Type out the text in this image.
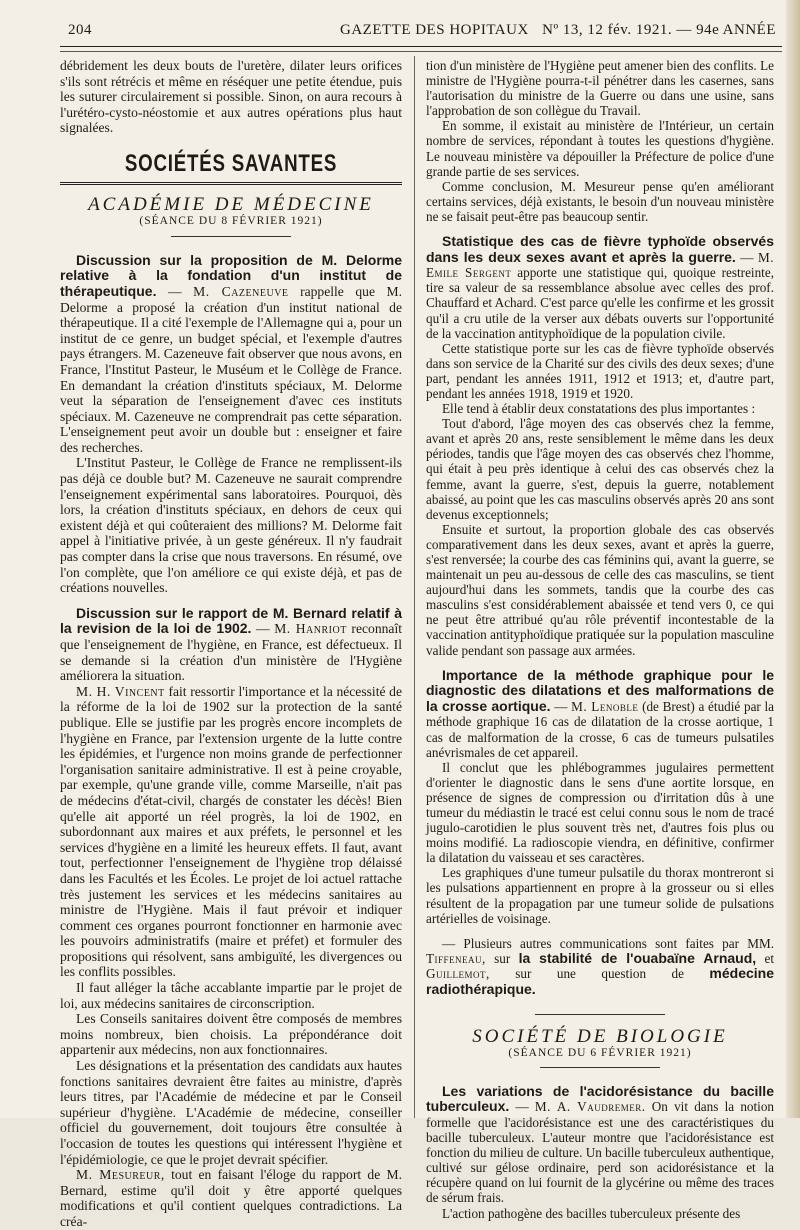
204	GAZETTE DES HOPITAUX Nº 13, 12 fév. 1921. — 94e ANNÉE

débridement les deux bouts de l'uretère, dilater leurs orifices s'ils sont rétrécis et même en réséquer une petite étendue, puis les suturer circulairement si possible. Sinon, on aura recours à l'urétéro-cysto-néostomie et aux autres opérations plus haut signalées.

SOCIÉTÉS SAVANTES
ACADÉMIE DE MÉDECINE
(SÉANCE DU 8 FÉVRIER 1921)

Discussion sur la proposition de M. Delorme relative à la fondation d'un institut de thérapeutique. — M. Cazeneuve rappelle que M. Delorme a proposé la création d'un institut national de thérapeutique. Il a cité l'exemple de l'Allemagne qui a, pour un institut de ce genre, un budget spécial, et l'exemple d'autres pays étrangers. M. Cazeneuve fait observer que nous avons, en France, l'Institut Pasteur, le Muséum et le Collège de France. En demandant la création d'instituts spéciaux, M. Delorme veut la séparation de l'enseignement d'avec ces instituts spéciaux. M. Cazeneuve ne comprendrait pas cette séparation. L'enseignement peut avoir un double but : enseigner et faire des recherches.

L'Institut Pasteur, le Collège de France ne remplissent-ils pas déjà ce double but? M. Cazeneuve ne saurait comprendre l'enseignement expérimental sans laboratoires. Pourquoi, dès lors, la création d'instituts spéciaux, en dehors de ceux qui existent déjà et qui coûteraient des millions? M. Delorme fait appel à l'initiative privée, à un geste généreux. Il n'y faudrait pas compter dans la crise que nous traversons. En résumé, ove l'on complète, que l'on améliore ce qui existe déjà, et pas de créations nouvelles.

Discussion sur le rapport de M. Bernard relatif à la revision de la loi de 1902. — M. Hanriot reconnaît que l'enseignement de l'hygiène, en France, est défectueux. Il se demande si la création d'un ministère de l'Hygiène améliorera la situation.

M. H. Vincent fait ressortir l'importance et la nécessité de la réforme de la loi de 1902 sur la protection de la santé publique. Elle se justifie par les progrès encore incomplets de l'hygiène en France, par l'extension urgente de la lutte contre les épidémies, et l'urgence non moins grande de perfectionner l'organisation sanitaire administrative. Il est à peine croyable, par exemple, qu'une grande ville, comme Marseille, n'ait pas de médecins d'état-civil, chargés de constater les décès! Bien qu'elle ait apporté un réel progrès, la loi de 1902, en subordonnant aux maires et aux préfets, le personnel et les services d'hygiène en a limité les heureux effets. Il faut, avant tout, perfectionner l'enseignement de l'hygiène trop délaissé dans les Facultés et les Écoles. Le projet de loi actuel rattache très justement les services et les médecins sanitaires au ministre de l'Hygiène. Mais il faut prévoir et indiquer comment ces organes pourront fonctionner en harmonie avec les pouvoirs administratifs (maire et préfet) et formuler des propositions qui résolvent, sans ambiguïté, les divergences ou les conflits possibles.

Il faut alléger la tâche accablante impartie par le projet de loi, aux médecins sanitaires de circonscription.

Les Conseils sanitaires doivent être composés de membres moins nombreux, bien choisis. La prépondérance doit appartenir aux médecins, non aux fonctionnaires.

Les désignations et la présentation des candidats aux hautes fonctions sanitaires devraient être faites au ministre, d'après leurs titres, par l'Académie de médecine et par le Conseil supérieur d'hygiène. L'Académie de médecine, conseiller officiel du gouvernement, doit toujours être consultée à l'occasion de toutes les questions qui intéressent l'hygiène et l'épidémiologie, ce que le projet devrait spécifier.

M. Mesureur, tout en faisant l'éloge du rapport de M. Bernard, estime qu'il doit y être apporté quelques modifications et qu'il contient quelques contradictions. La créa-

tion d'un ministère de l'Hygiène peut amener bien des conflits. Le ministre de l'Hygiène pourra-t-il pénétrer dans les casernes, sans l'autorisation du ministre de la Guerre ou dans une usine, sans l'approbation de son collègue du Travail.

En somme, il existait au ministère de l'Intérieur, un certain nombre de services, répondant à toutes les questions d'hygiène. Le nouveau ministère va dépouiller la Préfecture de police d'une grande partie de ses services.

Comme conclusion, M. Mesureur pense qu'en améliorant certains services, déjà existants, le besoin d'un nouveau ministère ne se faisait peut-être pas beaucoup sentir.

Statistique des cas de fièvre typhoïde observés dans les deux sexes avant et après la guerre. — M. Emile Sergent apporte une statistique qui, quoique restreinte, tire sa valeur de sa ressemblance absolue avec celles des prof. Chauffard et Achard. C'est parce qu'elle les confirme et les grossit qu'il a cru utile de la verser aux débats ouverts sur l'opportunité de la vaccination antityphoïdique de la population civile.

Cette statistique porte sur les cas de fièvre typhoïde observés dans son service de la Charité sur des civils des deux sexes; d'une part, pendant les années 1911, 1912 et 1913; et, d'autre part, pendant les années 1918, 1919 et 1920.

Elle tend à établir deux constatations des plus importantes :

Tout d'abord, l'âge moyen des cas observés chez la femme, avant et après 20 ans, reste sensiblement le même dans les deux périodes, tandis que l'âge moyen des cas observés chez l'homme, qui était à peu près identique à celui des cas observés chez la femme, avant la guerre, s'est, depuis la guerre, notablement abaissé, au point que les cas masculins observés après 20 ans sont devenus exceptionnels;

Ensuite et surtout, la proportion globale des cas observés comparativement dans les deux sexes, avant et après la guerre, s'est renversée; la courbe des cas féminins qui, avant la guerre, se maintenait un peu au-dessous de celle des cas masculins, se tient aujourd'hui dans les sommets, tandis que la courbe des cas masculins s'est considérablement abaissée et tend vers 0, ce qui ne peut être attribué qu'au rôle préventif incontestable de la vaccination antityphoïdique pratiquée sur la population masculine valide pendant son passage aux armées.

Importance de la méthode graphique pour le diagnostic des dilatations et des malformations de la crosse aortique. — M. Lenoble (de Brest) a étudié par la méthode graphique 16 cas de dilatation de la crosse aortique, 1 cas de malformation de la crosse, 6 cas de tumeurs pulsatiles anévrismales de cet appareil.

Il conclut que les phlébogrammes jugulaires permettent d'orienter le diagnostic dans le sens d'une aortite lorsque, en présence de signes de compression ou d'irritation dûs à une tumeur du médiastin le tracé est celui connu sous le nom de tracé jugulo-carotidien le plus souvent très net, d'autres fois plus ou moins modifié. La radioscopie viendra, en définitive, confirmer la dilatation du vaisseau et ses caractères.

Les graphiques d'une tumeur pulsatile du thorax montreront si les pulsations appartiennent en propre à la grosseur ou si elles résultent de la propagation par une tumeur solide de pulsations artérielles de voisinage.

— Plusieurs autres communications sont faites par MM. Tiffeneau, sur la stabilité de l'ouabaïne Arnaud, et Guillemot, sur une question de médecine radiothérapique.

SOCIÉTÉ DE BIOLOGIE
(SÉANCE DU 6 FÉVRIER 1921)

Les variations de l'acidorésistance du bacille tuberculeux. — M. A. Vaudremer. On vit dans la notion formelle que l'acidorésistance est une des caractéristiques du bacille tuberculeux. L'auteur montre que l'acidorésistance est fonction du milieu de culture. Un bacille tuberculeux authentique, cultivé sur gélose ordinaire, perd son acidorésistance et la récupère quand on lui fournit de la glycérine ou même des traces de sérum frais.

L'action pathogène des bacilles tuberculeux présente des
